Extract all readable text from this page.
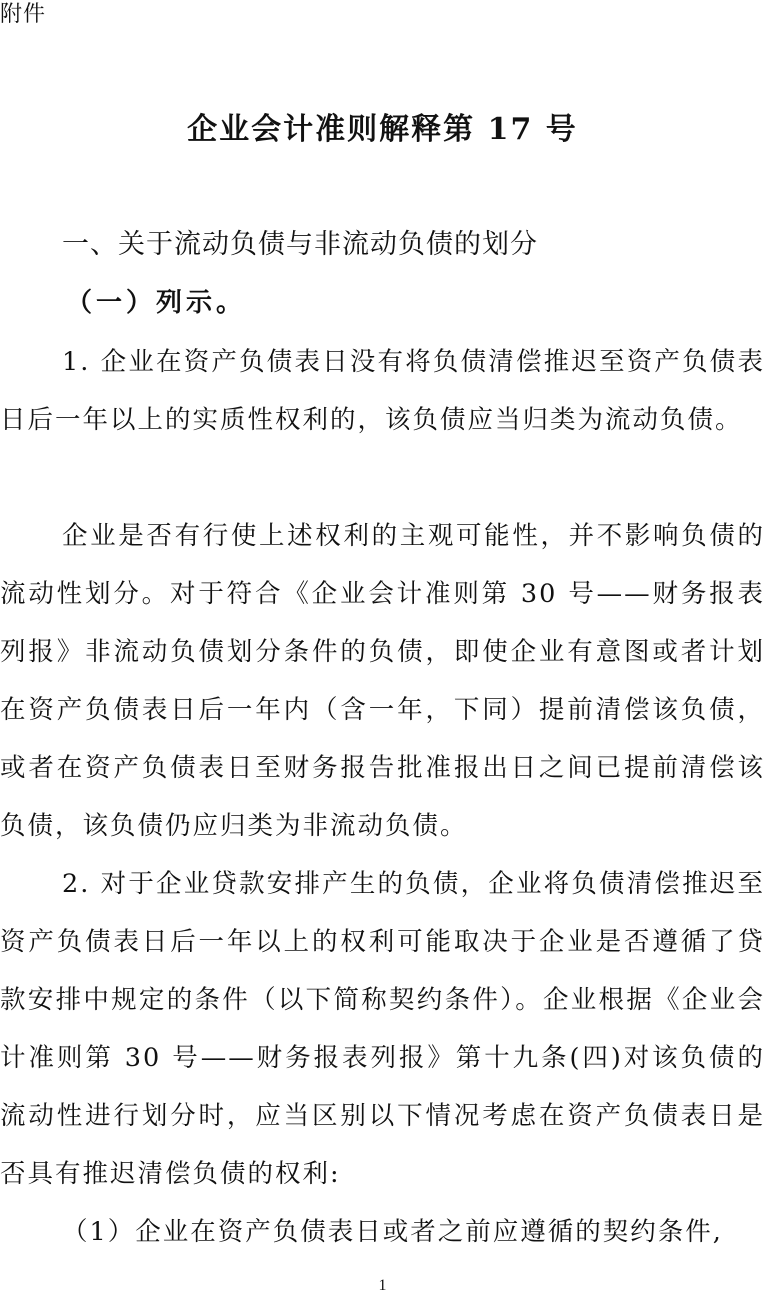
附件
企业会计准则解释第 17 号
一、关于流动负债与非流动负债的划分
（一）列示。

1. 企业在资产负债表日没有将负债清偿推迟至资产负债表日后一年以上的实质性权利的，该负债应当归类为流动负债。

企业是否有行使上述权利的主观可能性，并不影响负债的流动性划分。对于符合《企业会计准则第 30 号——财务报表列报》非流动负债划分条件的负债，即使企业有意图或者计划在资产负债表日后一年内（含一年，下同）提前清偿该负债，或者在资产负债表日至财务报告批准报出日之间已提前清偿该负债，该负债仍应归类为非流动负债。

2. 对于企业贷款安排产生的负债，企业将负债清偿推迟至资产负债表日后一年以上的权利可能取决于企业是否遵循了贷款安排中规定的条件（以下简称契约条件）。企业根据《企业会计准则第 30 号——财务报表列报》第十九条(四)对该负债的流动性进行划分时，应当区别以下情况考虑在资产负债表日是否具有推迟清偿负债的权利:

（1）企业在资产负债表日或者之前应遵循的契约条件,

1
